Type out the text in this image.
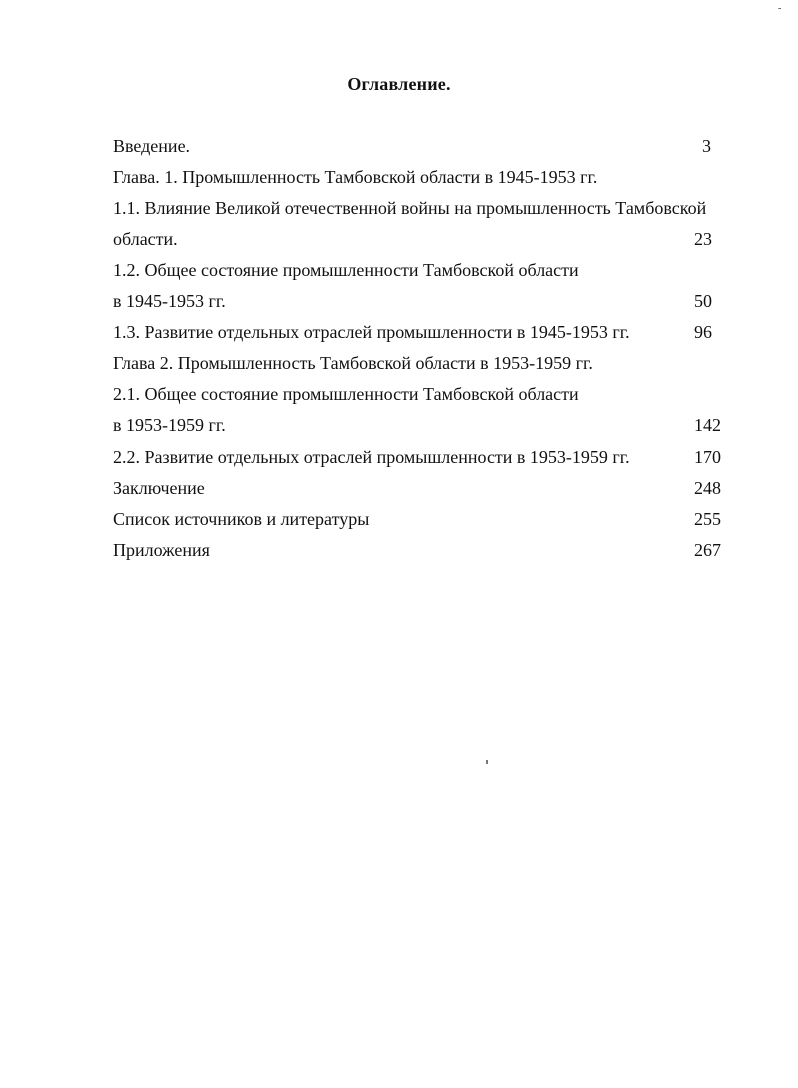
-
Оглавление.
Введение.	3
Глава. 1. Промышленность Тамбовской области в 1945-1953 гг.
1.1. Влияние Великой отечественной войны на промышленность Тамбовской
области.	23
1.2. Общее состояние промышленности Тамбовской области
в 1945-1953 гг.	50
1.3. Развитие отдельных отраслей промышленности в 1945-1953 гг.	96
Глава 2. Промышленность Тамбовской области в 1953-1959 гг.
2.1. Общее состояние промышленности Тамбовской области
в 1953-1959 гг.	142
2.2. Развитие отдельных отраслей промышленности в 1953-1959 гг.	170
Заключение	248
Список источников и литературы	255
Приложения	267
